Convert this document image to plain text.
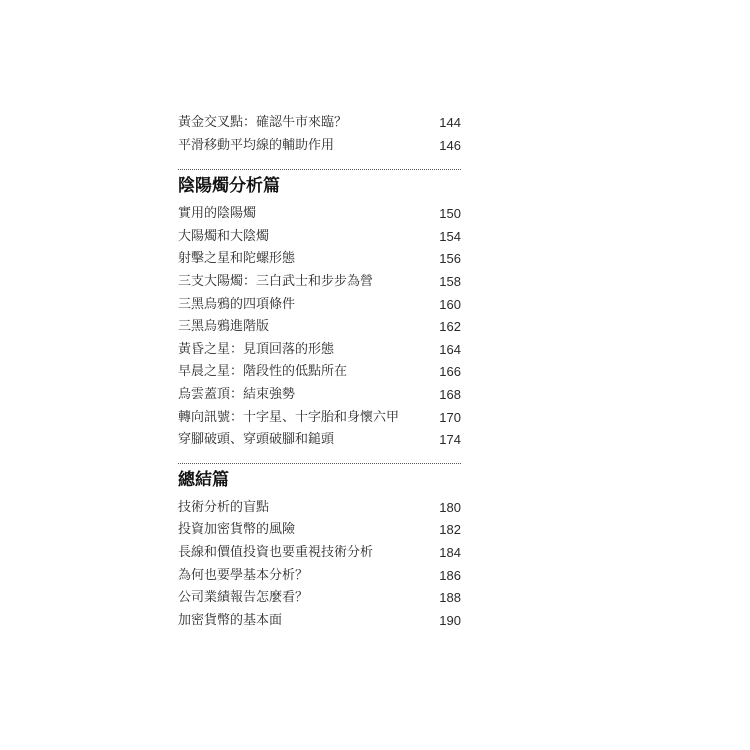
黃金交叉點：確認牛市來臨？	144
平滑移動平均線的輔助作用	146
陰陽燭分析篇
實用的陰陽燭	150
大陽燭和大陰燭	154
射擊之星和陀螺形態	156
三支大陽燭：三白武士和步步為營	158
三黑烏鴉的四項條件	160
三黑烏鴉進階版	162
黃昏之星：見頂回落的形態	164
早晨之星：階段性的低點所在	166
烏雲蓋頂：結束強勢	168
轉向訊號：十字星、十字胎和身懷六甲	170
穿腳破頭、穿頭破腳和鎚頭	174
總結篇
技術分析的盲點	180
投資加密貨幣的風險	182
長線和價值投資也要重視技術分析	184
為何也要學基本分析？	186
公司業績報告怎麼看？	188
加密貨幣的基本面	190
